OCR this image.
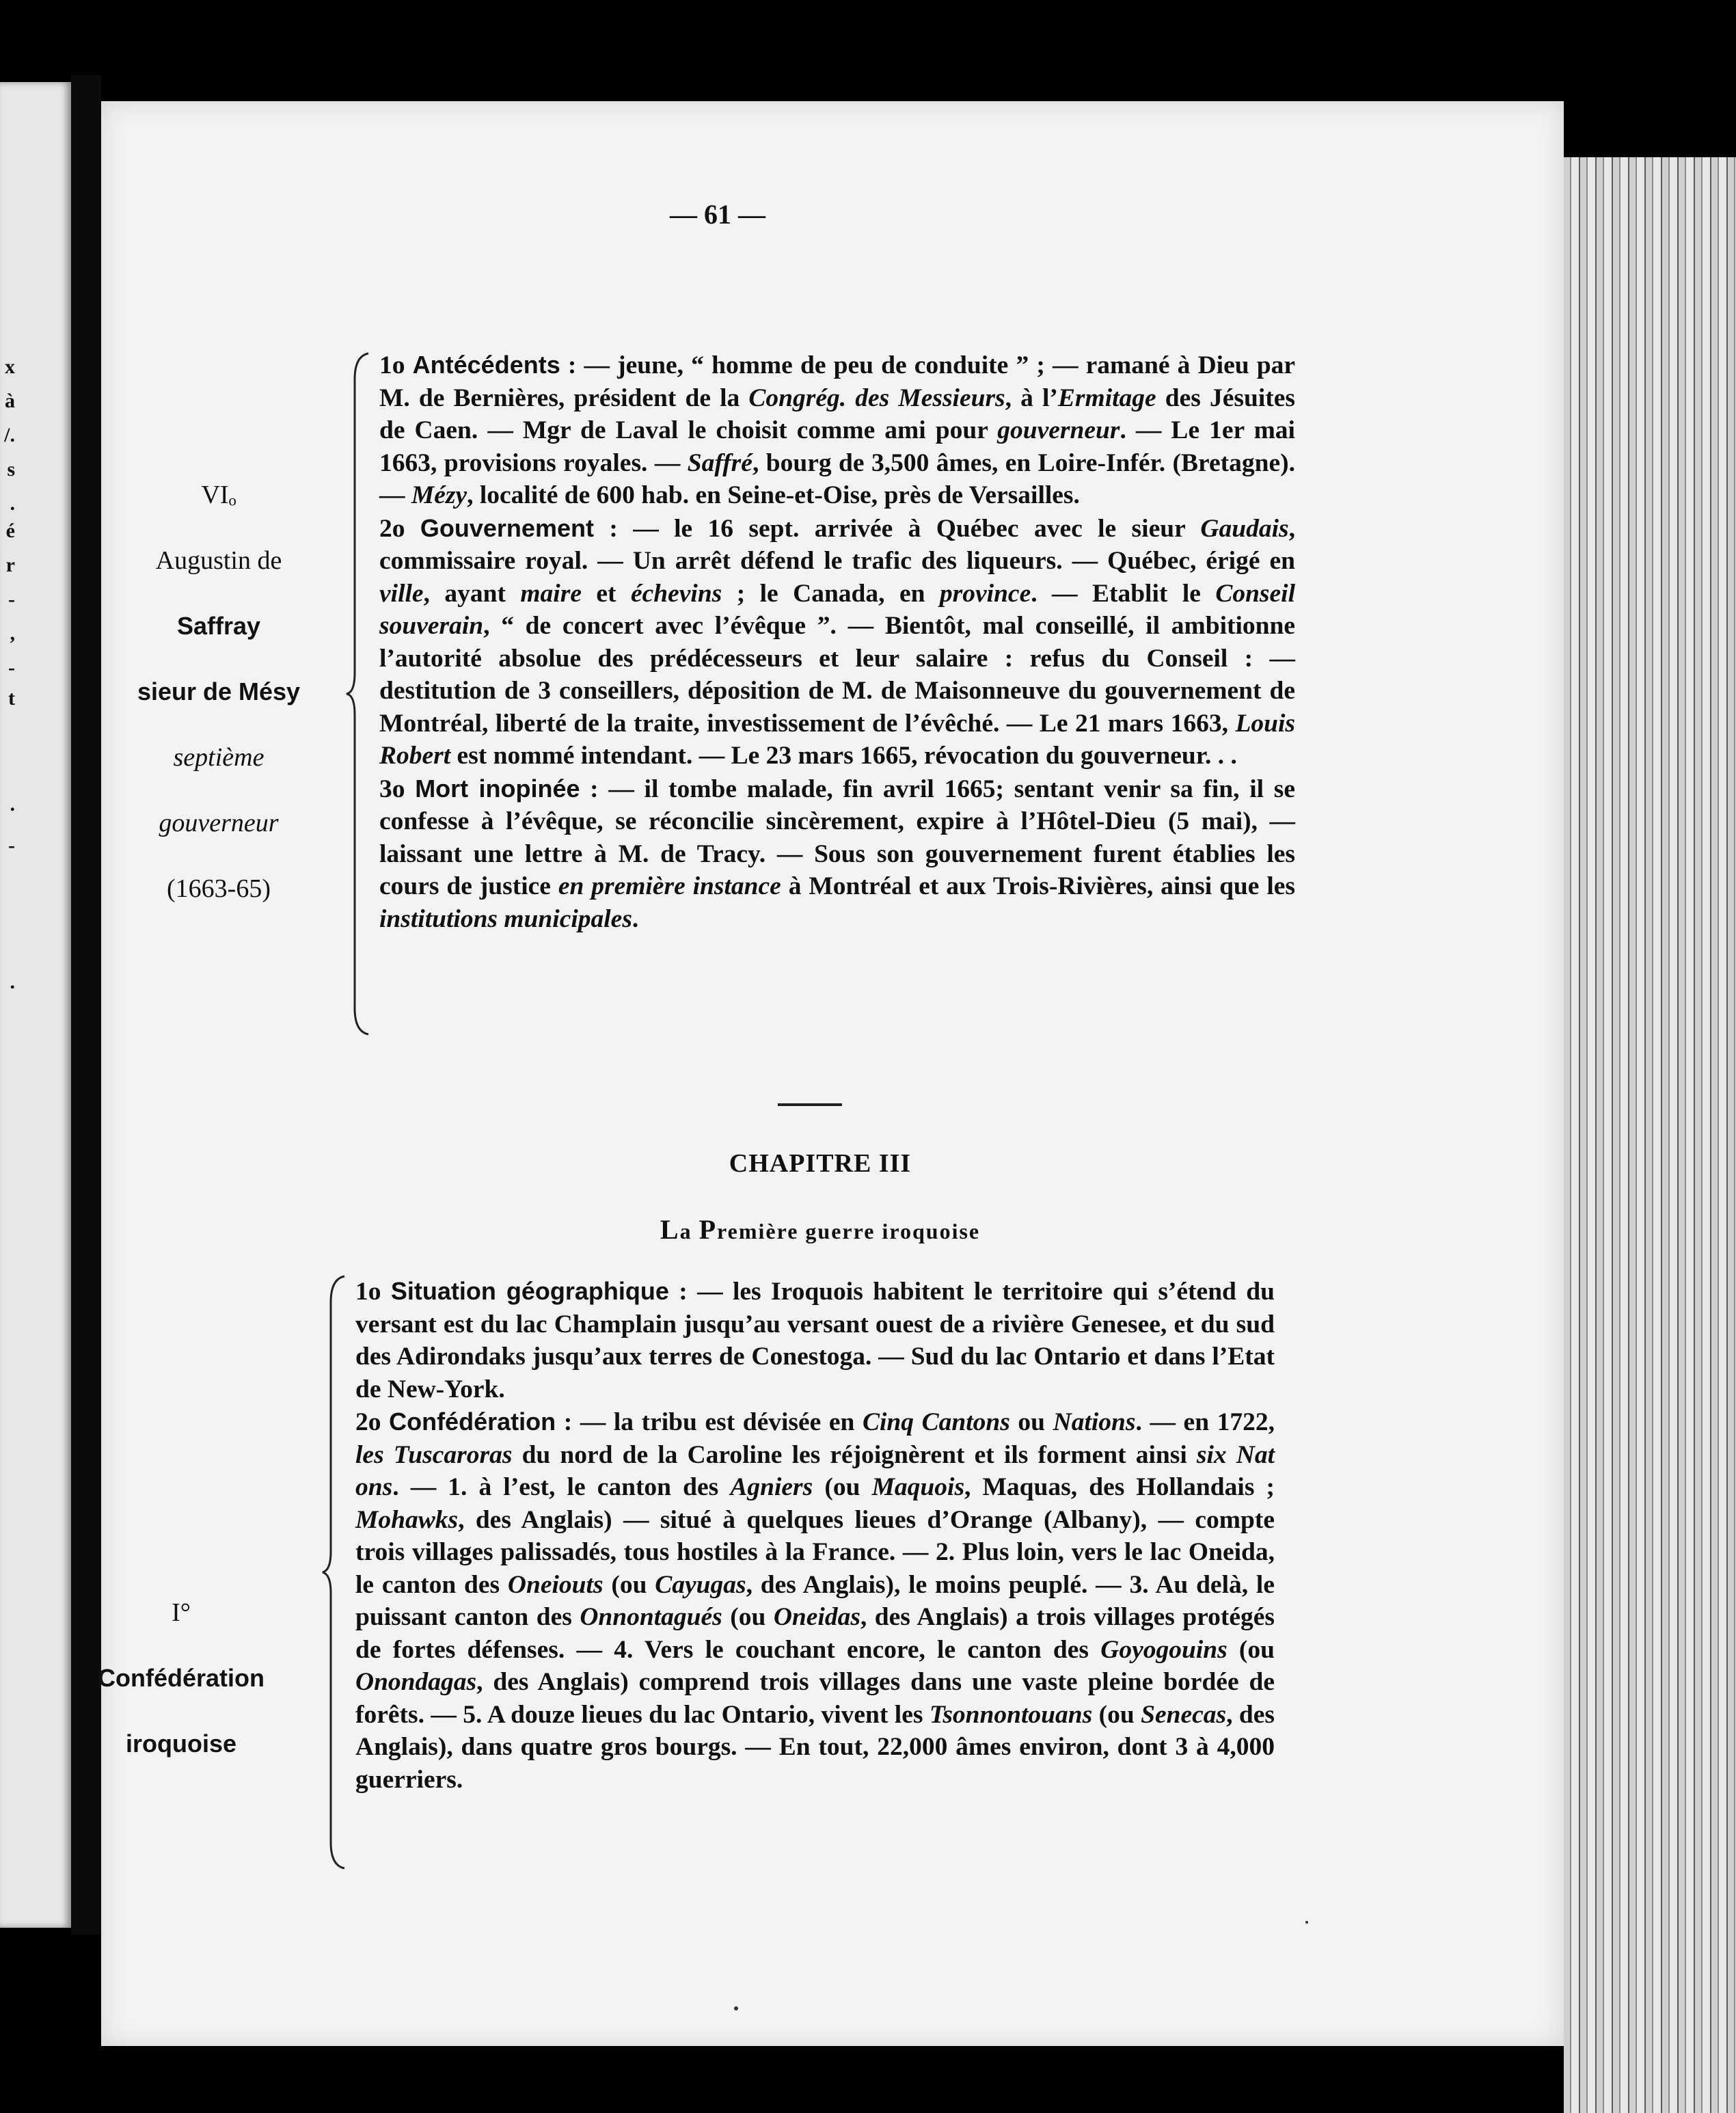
x
à
/.
s
.
é
r
-
,
-
t
.
-
.
— 61 —
VIₒ
Augustin de
Saffray
sieur de Mésy
septième
gouverneur
(1663-65)

1o Antécédents : — jeune, “ homme de peu de conduite ” ; — ramané à Dieu par M. de Bernières, président de la Congrég. des Messieurs, à l’Ermitage des Jésuites de Caen. — Mgr de Laval le choisit comme ami pour gouverneur. — Le 1er mai 1663, provisions royales. — Saffré, bourg de 3,500 âmes, en Loire-Infér. (Bretagne). — Mézy, localité de 600 hab. en Seine-et-Oise, près de Versailles.

2o Gouvernement : — le 16 sept. arrivée à Québec avec le sieur Gaudais, commissaire royal. — Un arrêt défend le trafic des liqueurs. — Québec, érigé en ville, ayant maire et échevins ; le Canada, en province. — Etablit le Conseil souverain, “ de concert avec l’évêque ”. — Bientôt, mal conseillé, il ambitionne l’autorité absolue des prédécesseurs et leur salaire : refus du Conseil : — destitution de 3 conseillers, déposition de M. de Maisonneuve du gouvernement de Montréal, liberté de la traite, investissement de l’évêché. — Le 21 mars 1663, Louis Robert est nommé intendant. — Le 23 mars 1665, révocation du gouverneur. . .

3o Mort inopinée : — il tombe malade, fin avril 1665; sentant venir sa fin, il se confesse à l’évêque, se réconcilie sincèrement, expire à l’Hôtel-Dieu (5 mai), — laissant une lettre à M. de Tracy. — Sous son gouvernement furent établies les cours de justice en première instance à Montréal et aux Trois-Rivières, ainsi que les institutions municipales.

CHAPITRE III
La Première guerre iroquoise
I°
Confédération
iroquoise

1o Situation géographique : — les Iroquois habitent le territoire qui s’étend du versant est du lac Champlain jusqu’au versant ouest de a rivière Genesee, et du sud des Adirondaks jusqu’aux terres de Conestoga. — Sud du lac Ontario et dans l’Etat de New-York.

2o Confédération : — la tribu est dévisée en Cinq Cantons ou Nations. — en 1722, les Tuscaroras du nord de la Caroline les réjoignèrent et ils forment ainsi six Nat ons. — 1. à l’est, le canton des Agniers (ou Maquois, Maquas, des Hollandais ; Mohawks, des Anglais) — situé à quelques lieues d’Orange (Albany), — compte trois villages palissadés, tous hostiles à la France. — 2. Plus loin, vers le lac Oneida, le canton des Oneiouts (ou Cayugas, des Anglais), le moins peuplé. — 3. Au delà, le puissant canton des Onnontagués (ou Oneidas, des Anglais) a trois villages protégés de fortes défenses. — 4. Vers le couchant encore, le canton des Goyogouins (ou Onondagas, des Anglais) comprend trois villages dans une vaste pleine bordée de forêts. — 5. A douze lieues du lac Ontario, vivent les Tsonnontouans (ou Senecas, des Anglais), dans quatre gros bourgs. — En tout, 22,000 âmes environ, dont 3 à 4,000 guerriers.
